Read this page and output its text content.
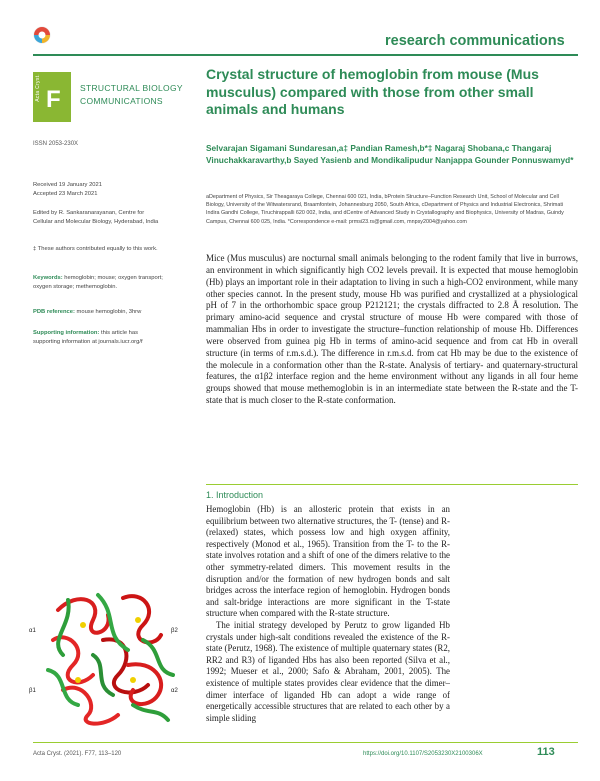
research communications
Acta Cryst. F STRUCTURAL BIOLOGY
COMMUNICATIONS
ISSN 2053-230X
Received 19 January 2021
Accepted 23 March 2021
Edited by R. Sankaranarayanan, Centre for Cellular and Molecular Biology, Hyderabad, India
‡ These authors contributed equally to this work.
Keywords: hemoglobin; mouse; oxygen transport; oxygen storage; methemoglobin.
PDB reference: mouse hemoglobin, 3hrw
Supporting information: this article has supporting information at journals.iucr.org/f
Crystal structure of hemoglobin from mouse (Mus musculus) compared with those from other small animals and humans
Selvarajan Sigamani Sundaresan,a‡ Pandian Ramesh,b*‡ Nagaraj Shobana,c Thangaraj Vinuchakkaravarthy,b Sayed Yasienb and Mondikalipudur Nanjappa Gounder Ponnuswamyd*
aDepartment of Physics, Sir Theagaraya College, Chennai 600 021, India, bProtein Structure–Function Research Unit, School of Molecular and Cell Biology, University of the Witwatersrand, Braamfontein, Johannesburg 2050, South Africa, cDepartment of Physics and Industrial Electronics, Shrimati Indira Gandhi College, Tiruchirappalli 620 002, India, and dCentre of Advanced Study in Crystallography and Biophysics, University of Madras, Guindy Campus, Chennai 600 025, India. *Correspondence e-mail: prmsi23.rs@gmail.com, mnpsy2004@yahoo.com
Mice (Mus musculus) are nocturnal small animals belonging to the rodent family that live in burrows, an environment in which significantly high CO2 levels prevail. It is expected that mouse hemoglobin (Hb) plays an important role in their adaptation to living in such a high-CO2 environment, while many other species cannot. In the present study, mouse Hb was purified and crystallized at a physiological pH of 7 in the orthorhombic space group P212121; the crystals diffracted to 2.8 Å resolution. The primary amino-acid sequence and crystal structure of mouse Hb were compared with those of mammalian Hbs in order to investigate the structure–function relationship of mouse Hb. Differences were observed from guinea pig Hb in terms of amino-acid sequence and from cat Hb in overall structure (in terms of r.m.s.d.). The difference in r.m.s.d. from cat Hb may be due to the existence of the molecule in a conformation other than the R-state. Analysis of tertiary- and quaternary-structural features, the α1β2 interface region and the heme environment without any ligands in all four heme groups showed that mouse methemoglobin is in an intermediate state between the R-state and the T-state that is much closer to the R-state conformation.
1. Introduction

Hemoglobin (Hb) is an allosteric protein that exists in an equilibrium between two alternative structures, the T- (tense) and R- (relaxed) states, which possess low and high oxygen affinity, respectively (Monod et al., 1965). Transition from the T- to the R-state involves rotation and a shift of one of the dimers relative to the other symmetry-related dimers. This movement results in the disruption and/or the formation of new hydrogen bonds and salt bridges across the interface region of hemoglobin. Hydrogen bonds and salt-bridge interactions are more significant in the T-state structure when compared with the R-state structure.

The initial strategy developed by Perutz to grow liganded Hb crystals under high-salt conditions revealed the existence of the R-state (Perutz, 1968). The existence of multiple quaternary states (R2, RR2 and R3) of liganded Hbs has also been reported (Silva et al., 1992; Mueser et al., 2000; Safo & Abraham, 2001, 2005). The existence of multiple states provides clear evidence that the dimer–dimer interface of liganded Hb can adopt a wide range of energetically accessible structures that are related to each other by a simple sliding

α1	β2
β1	α2
Acta Cryst. (2021). F77, 113–120	https://doi.org/10.1107/S2053230X2100306X	113
